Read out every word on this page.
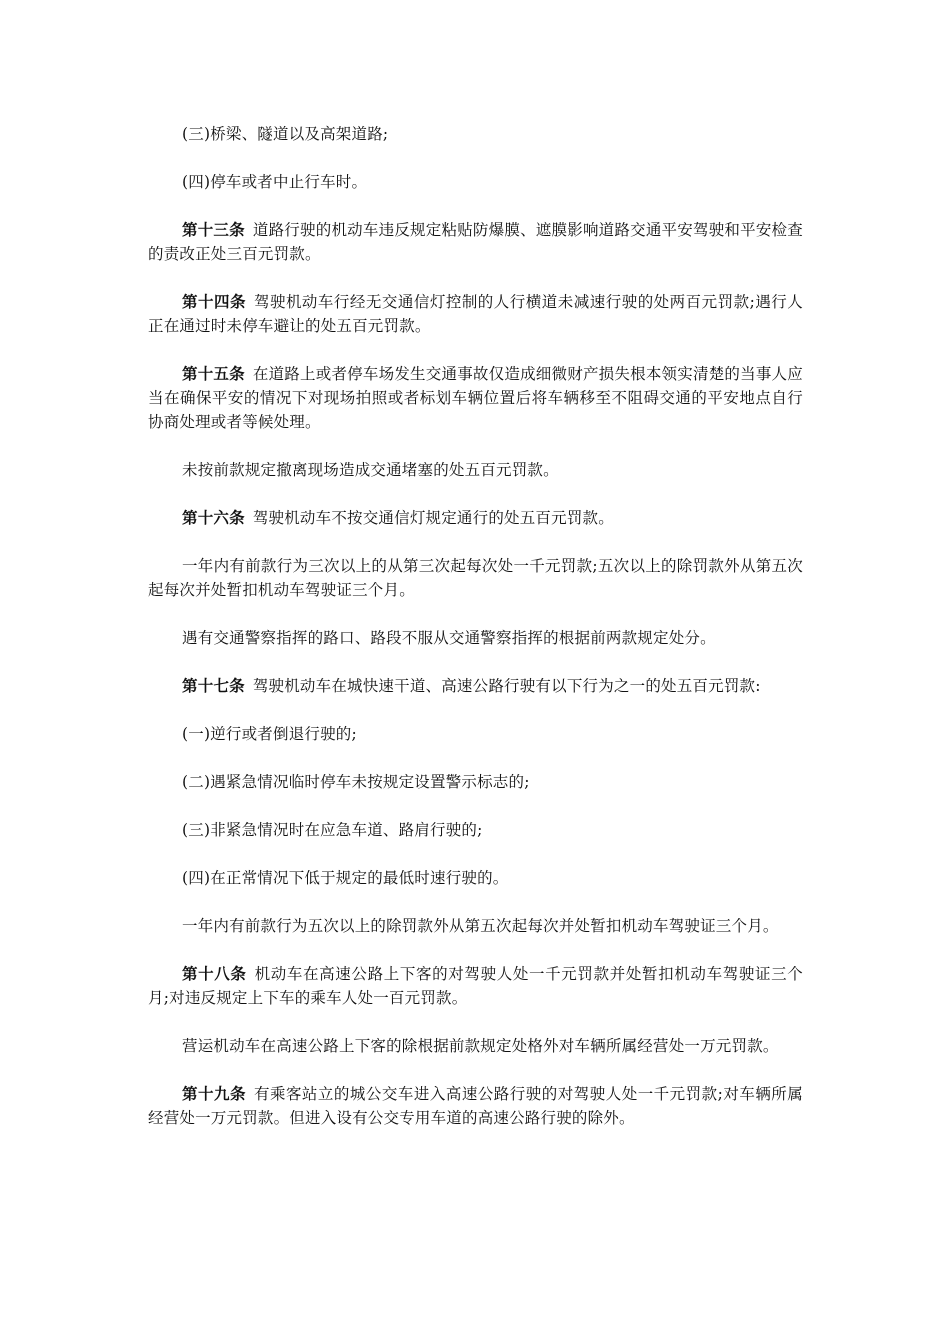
(三)桥梁、隧道以及高架道路;

(四)停车或者中止行车时。

第十三条 道路行驶的机动车违反规定粘贴防爆膜、遮膜影响道路交通平安驾驶和平安检查的责改正处三百元罚款。

第十四条 驾驶机动车行经无交通信灯控制的人行横道未减速行驶的处两百元罚款;遇行人正在通过时未停车避让的处五百元罚款。

第十五条 在道路上或者停车场发生交通事故仅造成细微财产损失根本领实清楚的当事人应当在确保平安的情况下对现场拍照或者标划车辆位置后将车辆移至不阻碍交通的平安地点自行协商处理或者等候处理。

未按前款规定撤离现场造成交通堵塞的处五百元罚款。

第十六条 驾驶机动车不按交通信灯规定通行的处五百元罚款。

一年内有前款行为三次以上的从第三次起每次处一千元罚款;五次以上的除罚款外从第五次起每次并处暂扣机动车驾驶证三个月。

遇有交通警察指挥的路口、路段不服从交通警察指挥的根据前两款规定处分。

第十七条 驾驶机动车在城快速干道、高速公路行驶有以下行为之一的处五百元罚款:

(一)逆行或者倒退行驶的;

(二)遇紧急情况临时停车未按规定设置警示标志的;

(三)非紧急情况时在应急车道、路肩行驶的;

(四)在正常情况下低于规定的最低时速行驶的。

一年内有前款行为五次以上的除罚款外从第五次起每次并处暂扣机动车驾驶证三个月。

第十八条 机动车在高速公路上下客的对驾驶人处一千元罚款并处暂扣机动车驾驶证三个月;对违反规定上下车的乘车人处一百元罚款。

营运机动车在高速公路上下客的除根据前款规定处格外对车辆所属经营处一万元罚款。

第十九条 有乘客站立的城公交车进入高速公路行驶的对驾驶人处一千元罚款;对车辆所属经营处一万元罚款。但进入设有公交专用车道的高速公路行驶的除外。
